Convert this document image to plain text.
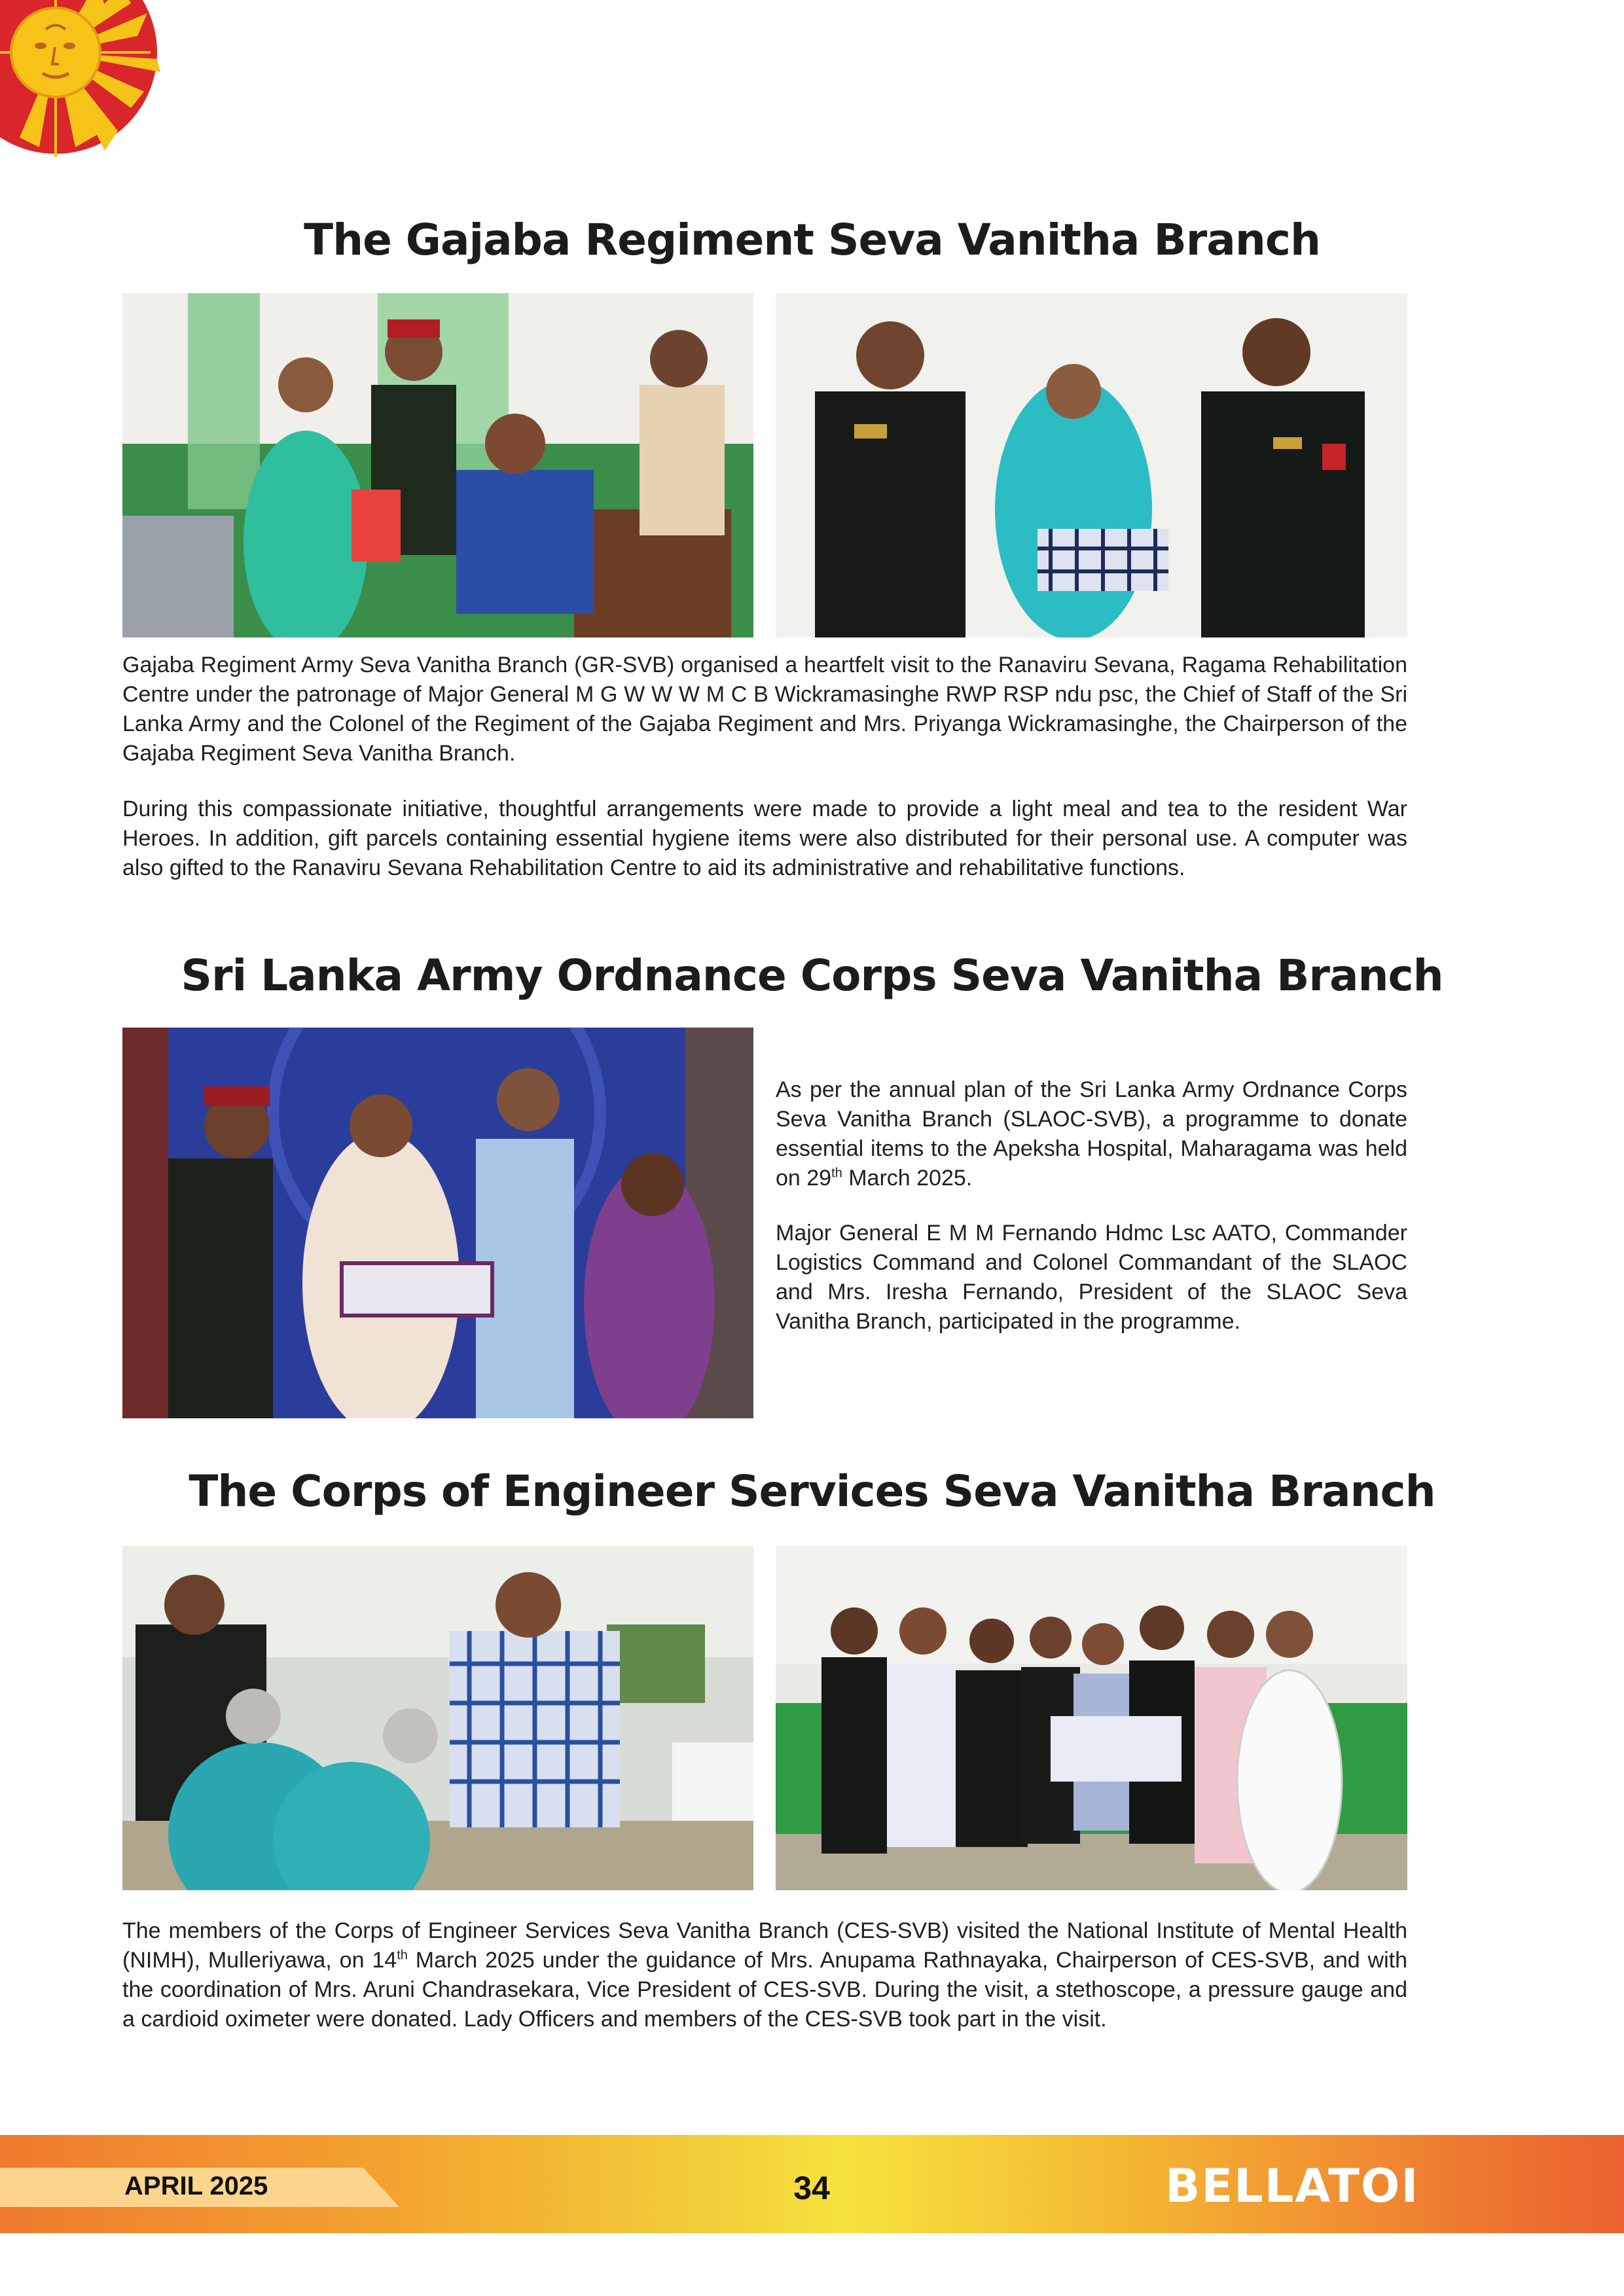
The Gajaba Regiment Seva Vanitha Branch

Gajaba Regiment Army Seva Vanitha Branch (GR-SVB) organised a heartfelt visit to the Ranaviru Sevana, Ragama Rehabilitation Centre under the patronage of Major General M G W W W M C B Wickramasinghe RWP RSP ndu psc, the Chief of Staff of the Sri Lanka Army and the Colonel of the Regiment of the Gajaba Regiment and Mrs. Priyanga Wickramasinghe, the Chairperson of the Gajaba Regiment Seva Vanitha Branch.

During this compassionate initiative, thoughtful arrangements were made to provide a light meal and tea to the resident War Heroes. In addition, gift parcels containing essential hygiene items were also distributed for their personal use. A computer was also gifted to the Ranaviru Sevana Rehabilitation Centre to aid its administrative and rehabilitative functions.

Sri Lanka Army Ordnance Corps Seva Vanitha Branch

As per the annual plan of the Sri Lanka Army Ordnance Corps Seva Vanitha Branch (SLAOC-SVB), a programme to donate essential items to the Apeksha Hospital, Maharagama was held on 29th March 2025.

Major General E M M Fernando Hdmc Lsc AATO, Commander Logistics Command and Colonel Commandant of the SLAOC and Mrs. Iresha Fernando, President of the SLAOC Seva Vanitha Branch, participated in the programme.

The Corps of Engineer Services Seva Vanitha Branch

The members of the Corps of Engineer Services Seva Vanitha Branch (CES-SVB) visited the National Institute of Mental Health (NIMH), Mulleriyawa, on 14th March 2025 under the guidance of Mrs. Anupama Rathnayaka, Chairperson of CES-SVB, and with the coordination of Mrs. Aruni Chandrasekara, Vice President of CES-SVB. During the visit, a stethoscope, a pressure gauge and a cardioid oximeter were donated. Lady Officers and members of the CES-SVB took part in the visit.

APRIL 2025	34	BELLATOR
